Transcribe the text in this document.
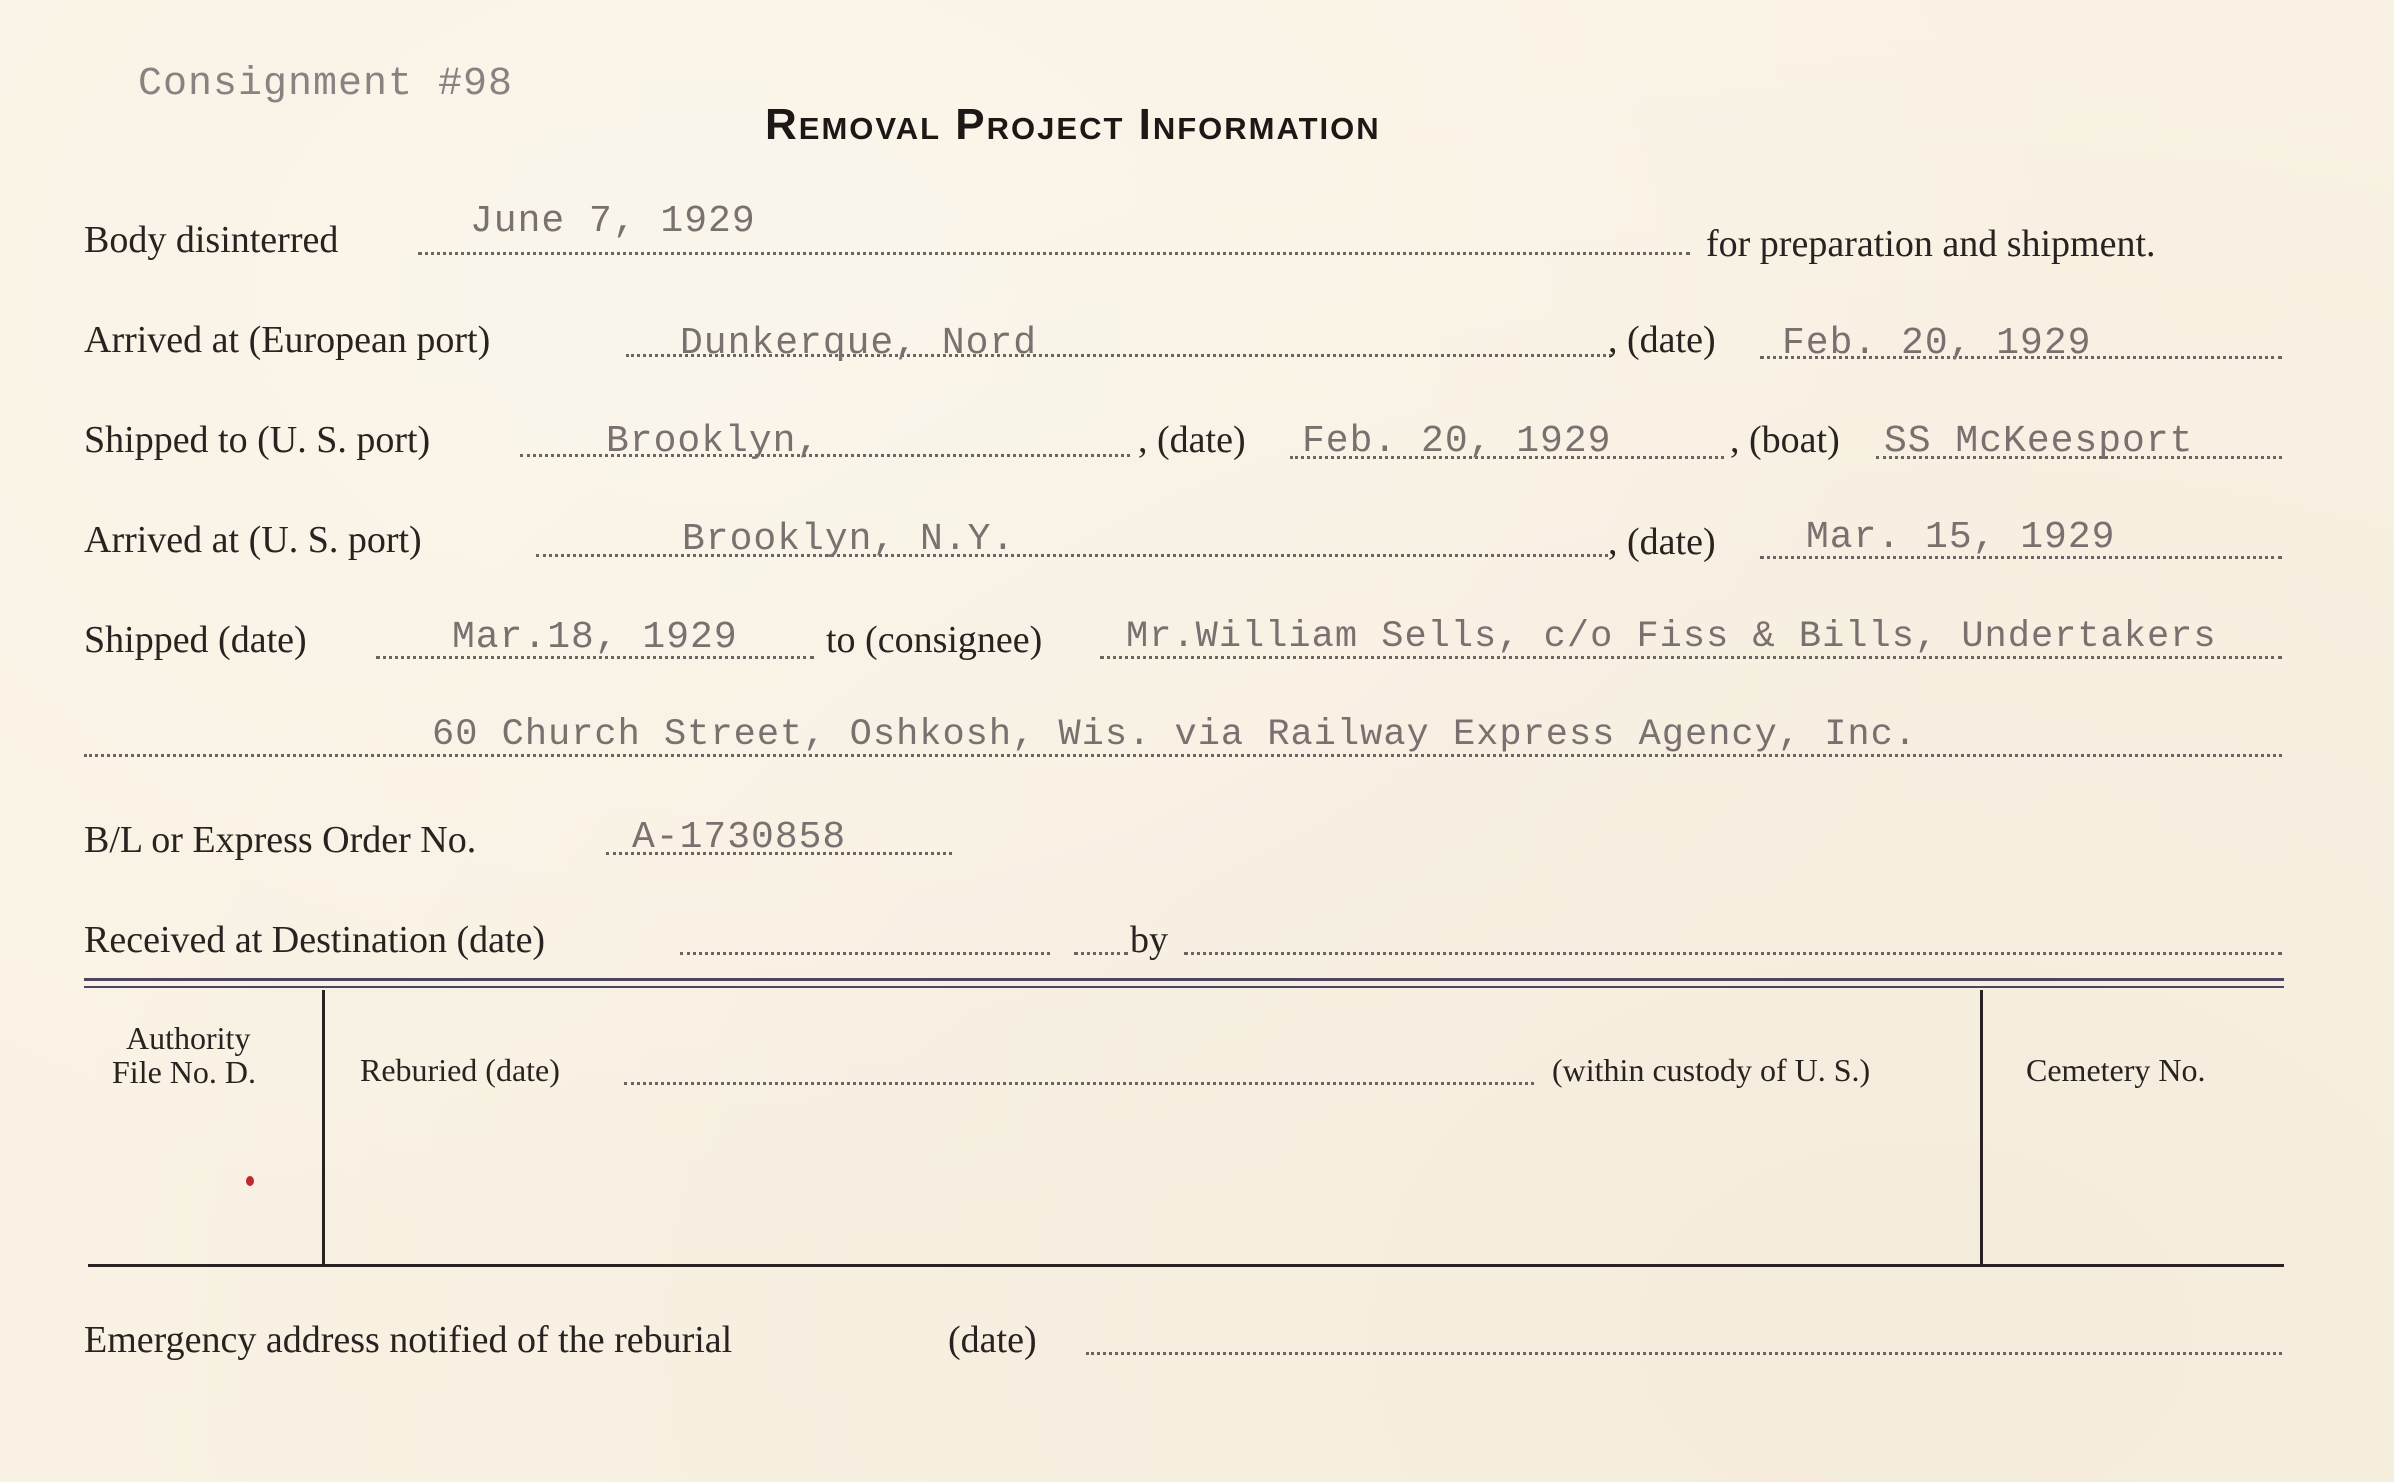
Consignment #98
Removal Project Information
Body disinterred	June 7, 1929
for preparation and shipment.
Arrived at (European port)	Dunkerque, Nord	, (date) Feb. 20, 1929
Shipped to (U. S. port)	Brooklyn,	, (date) Feb. 20, 1929	, (boat) SS McKeesport
Arrived at (U. S. port)	Brooklyn, N.Y.	, (date) Mar. 15, 1929
Shipped (date)	Mar.18, 1929 to (consignee) Mr.William Sells, c/o Fiss & Bills, Undertakers
60 Church Street, Oshkosh, Wis. via Railway Express Agency, Inc.
B/L or Express Order No.	A-1730858
Received at Destination (date)	by
Authority
File No. D.	Reburied (date)	(within custody of U. S.)	Cemetery No.
Emergency address notified of the reburial	(date)
